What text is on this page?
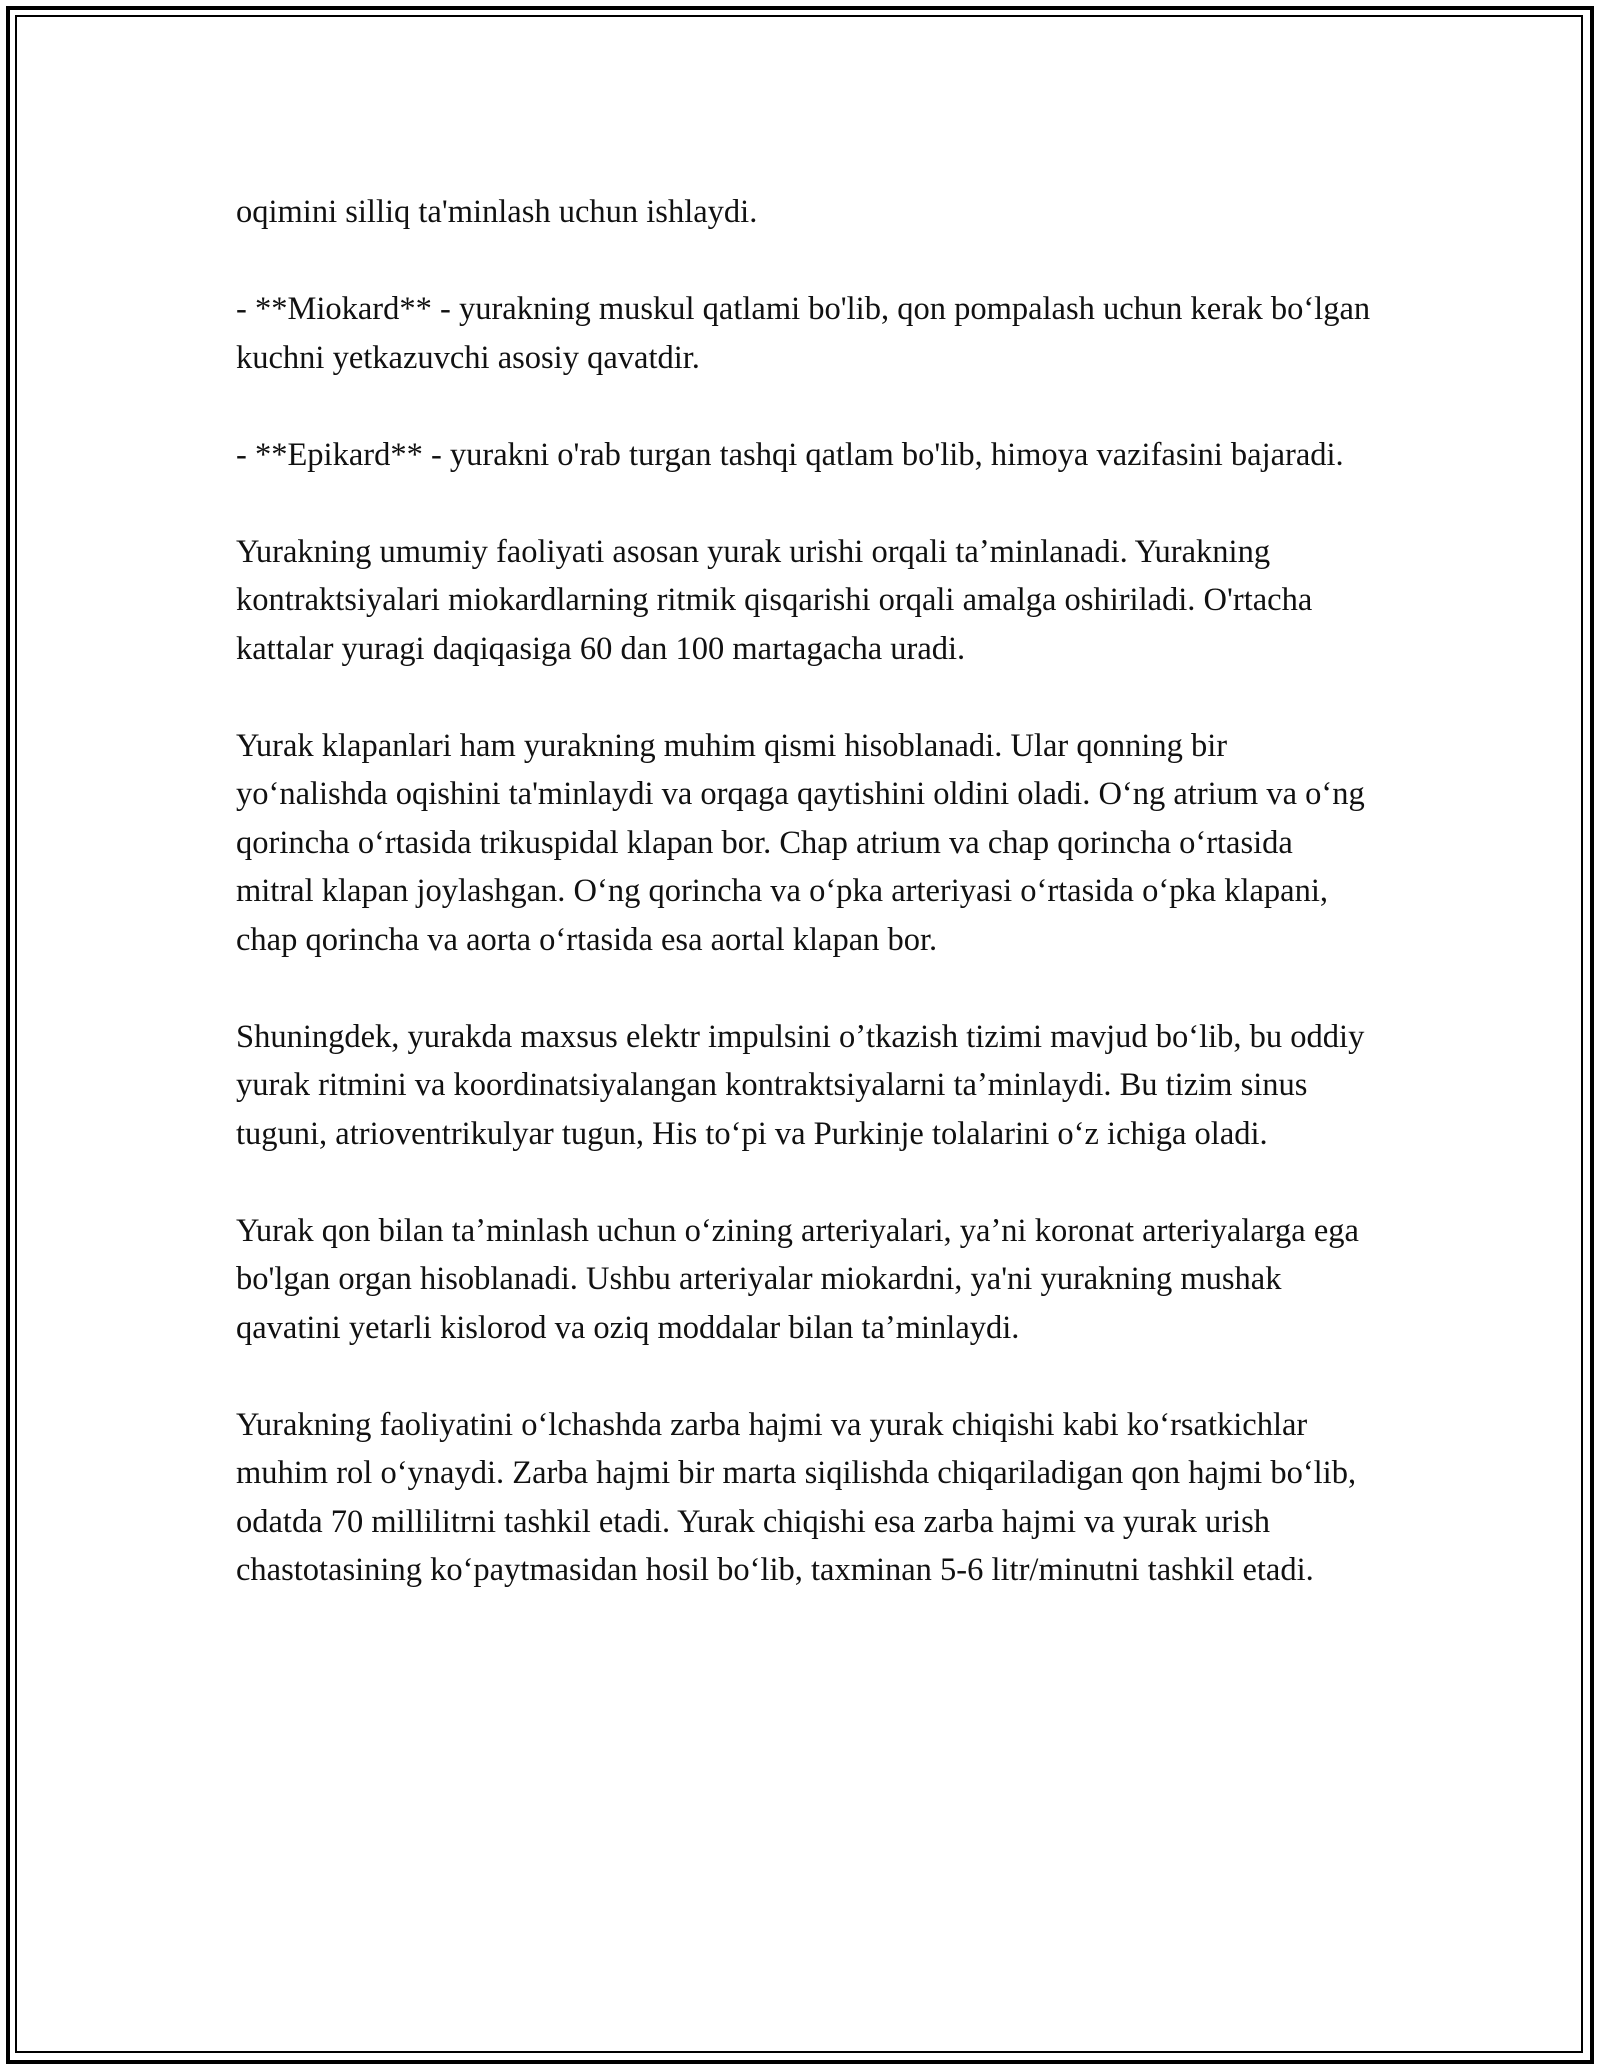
oqimini silliq ta'minlash uchun ishlaydi.

- **Miokard** - yurakning muskul qatlami bo'lib, qon pompalash uchun kerak boʻlgan kuchni yetkazuvchi asosiy qavatdir.

- **Epikard** - yurakni o'rab turgan tashqi qatlam bo'lib, himoya vazifasini bajaradi.

Yurakning umumiy faoliyati asosan yurak urishi orqali taʼminlanadi. Yurakning kontraktsiyalari miokardlarning ritmik qisqarishi orqali amalga oshiriladi. O'rtacha kattalar yuragi daqiqasiga 60 dan 100 martagacha uradi.

Yurak klapanlari ham yurakning muhim qismi hisoblanadi. Ular qonning bir yoʻnalishda oqishini ta'minlaydi va orqaga qaytishini oldini oladi. Oʻng atrium va oʻng qorincha oʻrtasida trikuspidal klapan bor. Chap atrium va chap qorincha oʻrtasida mitral klapan joylashgan. Oʻng qorincha va oʻpka arteriyasi oʻrtasida oʻpka klapani, chap qorincha va aorta oʻrtasida esa aortal klapan bor.

Shuningdek, yurakda maxsus elektr impulsini oʼtkazish tizimi mavjud boʻlib, bu oddiy yurak ritmini va koordinatsiyalangan kontraktsiyalarni taʼminlaydi. Bu tizim sinus tuguni, atrioventrikulyar tugun, His toʻpi va Purkinje tolalarini oʻz ichiga oladi.

Yurak qon bilan taʼminlash uchun oʻzining arteriyalari, yaʼni koronat arteriyalarga ega bo'lgan organ hisoblanadi. Ushbu arteriyalar miokardni, ya'ni yurakning mushak qavatini yetarli kislorod va oziq moddalar bilan taʼminlaydi.

Yurakning faoliyatini oʻlchashda zarba hajmi va yurak chiqishi kabi koʻrsatkichlar muhim rol oʻynaydi. Zarba hajmi bir marta siqilishda chiqariladigan qon hajmi boʻlib, odatda 70 millilitrni tashkil etadi. Yurak chiqishi esa zarba hajmi va yurak urish chastotasining koʻpaytmasidan hosil boʻlib, taxminan 5-6 litr/minutni tashkil etadi.
